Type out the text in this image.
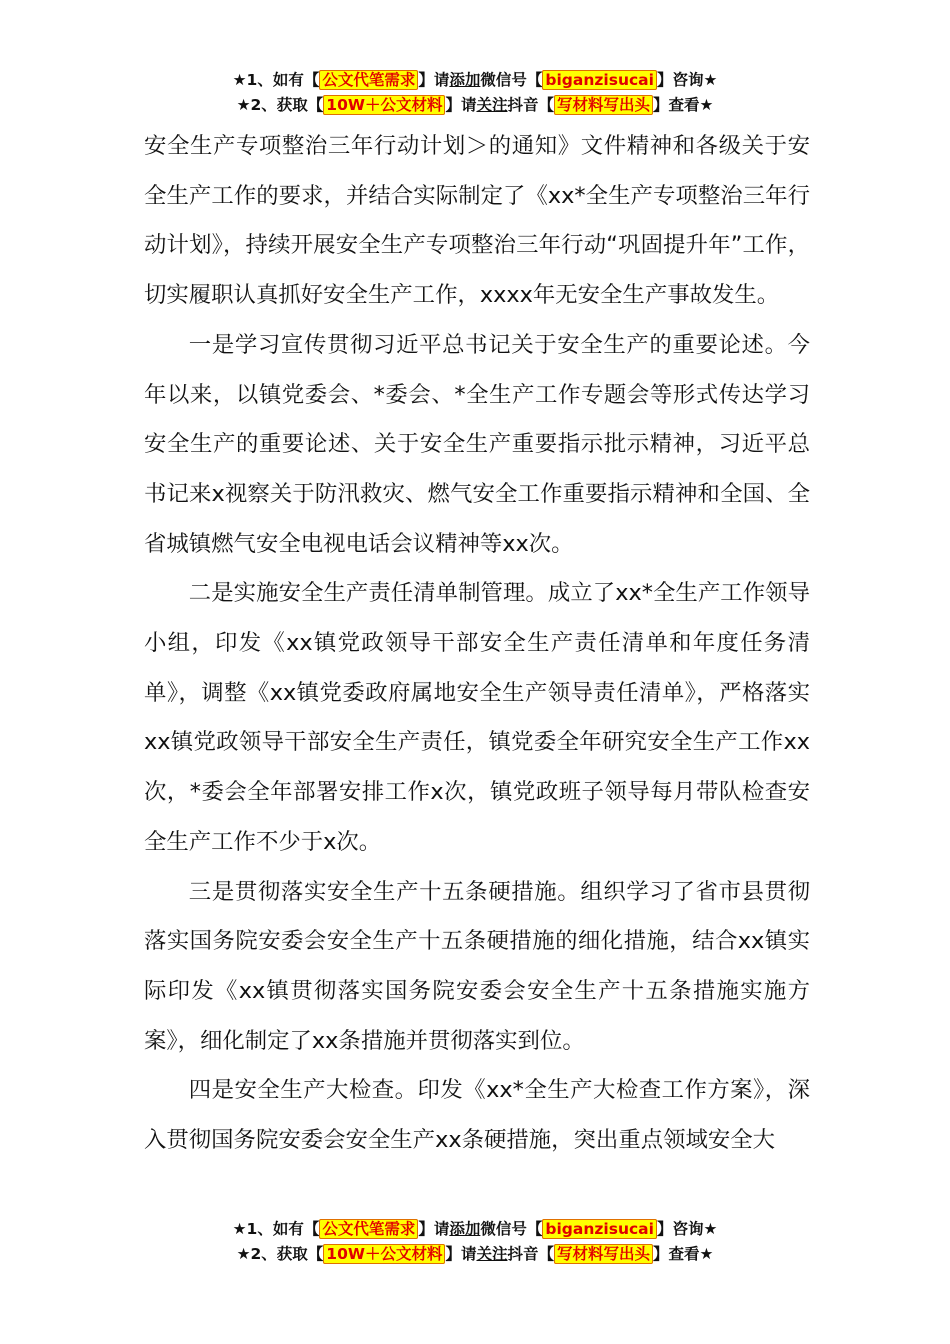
★1、如有【 公文代笔需求 】请添加微信号【 biganzisucai 】咨询★
★2、获取【 10W＋公文材料 】请关注抖音【 写材料写出头 】查看★

安全生产专项整治三年行动计划＞的通知》文件精神和各级关于安全生产工作的要求，并结合实际制定了《xx*全生产专项整治三年行动计划》，持续开展安全生产专项整治三年行动“巩固提升年”工作，切实履职认真抓好安全生产工作，xxxx年无安全生产事故发生。

一是学习宣传贯彻习近平总书记关于安全生产的重要论述。今年以来，以镇党委会、*委会、*全生产工作专题会等形式传达学习安全生产的重要论述、关于安全生产重要指示批示精神，习近平总书记来x视察关于防汛救灾、燃气安全工作重要指示精神和全国、全省城镇燃气安全电视电话会议精神等xx次。

二是实施安全生产责任清单制管理。成立了xx*全生产工作领导小组，印发《xx镇党政领导干部安全生产责任清单和年度任务清单》，调整《xx镇党委政府属地安全生产领导责任清单》，严格落实xx镇党政领导干部安全生产责任，镇党委全年研究安全生产工作xx次，*委会全年部署安排工作x次，镇党政班子领导每月带队检查安全生产工作不少于x次。

三是贯彻落实安全生产十五条硬措施。组织学习了省市县贯彻落实国务院安委会安全生产十五条硬措施的细化措施，结合xx镇实际印发《xx镇贯彻落实国务院安委会安全生产十五条措施实施方案》，细化制定了xx条措施并贯彻落实到位。

四是安全生产大检查。印发《xx*全生产大检查工作方案》，深入贯彻国务院安委会安全生产xx条硬措施，突出重点领域安全大

★1、如有【 公文代笔需求 】请添加微信号【 biganzisucai 】咨询★
★2、获取【 10W＋公文材料 】请关注抖音【 写材料写出头 】查看★
